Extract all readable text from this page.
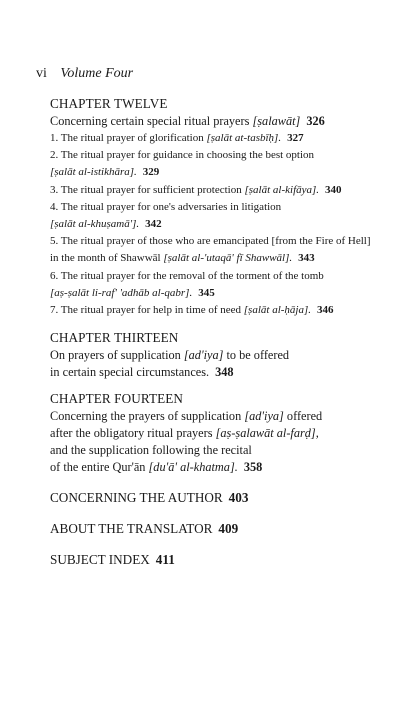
vi Volume Four
CHAPTER TWELVE
Concerning certain special ritual prayers [ṣalawāt] 326
1. The ritual prayer of glorification [ṣalāt at-tasbīḥ]. 327
2. The ritual prayer for guidance in choosing the best option
[ṣalāt al-istikhāra]. 329
3. The ritual prayer for sufficient protection [ṣalāt al-kifāya]. 340
4. The ritual prayer for one's adversaries in litigation
[ṣalāt al-khuṣamā']. 342
5. The ritual prayer of those who are emancipated [from the Fire of Hell]
in the month of Shawwāl [ṣalāt al-'utaqā' fī Shawwāl]. 343
6. The ritual prayer for the removal of the torment of the tomb
[aṣ-ṣalāt li-raf' 'adhāb al-qabr]. 345
7. The ritual prayer for help in time of need [ṣalāt al-ḥāja]. 346
CHAPTER THIRTEEN
On prayers of supplication [ad'iya] to be offered
in certain special circumstances. 348
CHAPTER FOURTEEN
Concerning the prayers of supplication [ad'iya] offered
after the obligatory ritual prayers [aṣ-ṣalawāt al-farḍ],
and the supplication following the recital
of the entire Qur'ān [du'ā' al-khatma]. 358
CONCERNING THE AUTHOR 403
ABOUT THE TRANSLATOR 409
SUBJECT INDEX 411
